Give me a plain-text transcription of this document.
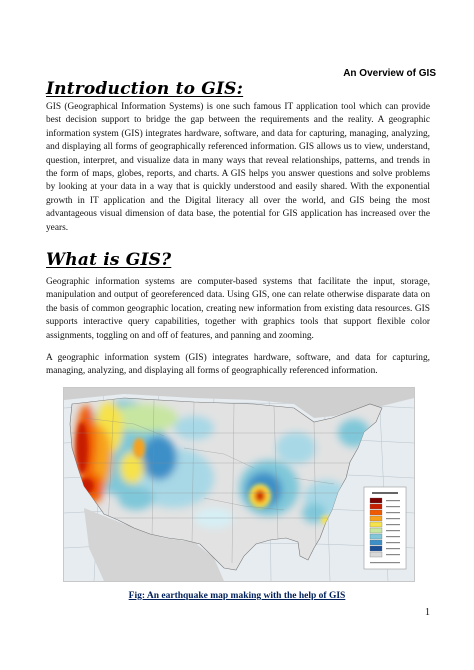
An Overview of GIS
Introduction to GIS:

GIS (Geographical Information Systems) is one such famous IT application tool which can provide best decision support to bridge the gap between the requirements and the reality. A geographic information system (GIS) integrates hardware, software, and data for capturing, managing, analyzing, and displaying all forms of geographically referenced information. GIS allows us to view, understand, question, interpret, and visualize data in many ways that reveal relationships, patterns, and trends in the form of maps, globes, reports, and charts. A GIS helps you answer questions and solve problems by looking at your data in a way that is quickly understood and easily shared. With the exponential growth in IT application and the Digital literacy all over the world, and GIS being the most advantageous visual dimension of data base, the potential for GIS application has increased over the years.

What is GIS?

Geographic information systems are computer-based systems that facilitate the input, storage, manipulation and output of georeferenced data. Using GIS, one can relate otherwise disparate data on the basis of common geographic location, creating new information from existing data resources. GIS supports interactive query capabilities, together with graphics tools that support flexible color assignments, toggling on and off of features, and panning and zooming.

A geographic information system (GIS) integrates hardware, software, and data for capturing, managing, analyzing, and displaying all forms of geographically referenced information.

Fig: An earthquake map making with the help of GIS
1
